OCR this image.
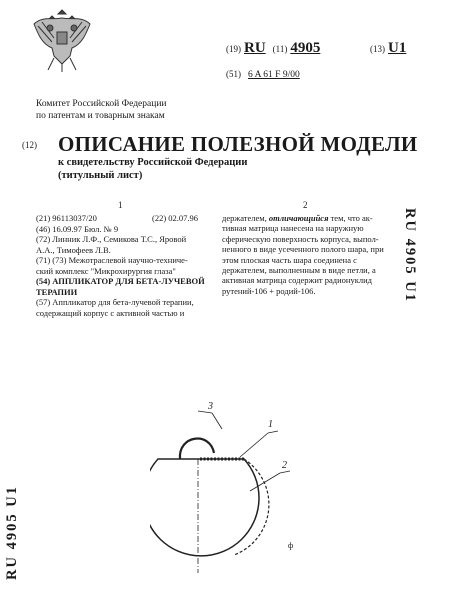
(19) RU (11) 4905	(13) U1
(51) 6 A 61 F 9/00
Комитет Российской Федерации
по патентам и товарным знакам
(12) ОПИСАНИЕ ПОЛЕЗНОЙ МОДЕЛИ
к свидетельству Российской Федерации
(титульный лист)
1	2
(21) 96113037/20	(22) 02.07.96
(46) 16.09.97 Бюл. № 9
(72) Линник Л.Ф., Семикова Т.С., Яровой
А.А., Тимофеев Л.В.
(71) (73) Межотраслевой научно-техниче-
ский комплекс "Микрохирургия глаза"
(54) АППЛИКАТОР ДЛЯ БЕТА-ЛУЧЕВОЙ
ТЕРАПИИ
(57) Аппликатор для бета-лучевой терапии,
содержащий корпус с активной частью и
держателем, отличающийся тем, что ак-
тивная матрица нанесена на наружную
сферическую поверхность корпуса, выпол-
ненного в виде усеченного полого шара, при
этом плоская часть шара соединена с
держателем, выполненным в виде петли, а
активная матрица содержит радионуклид
рутений-106 + родий-106.	RU 4905 U1
RU 4905 U1
3
1
2
ф
